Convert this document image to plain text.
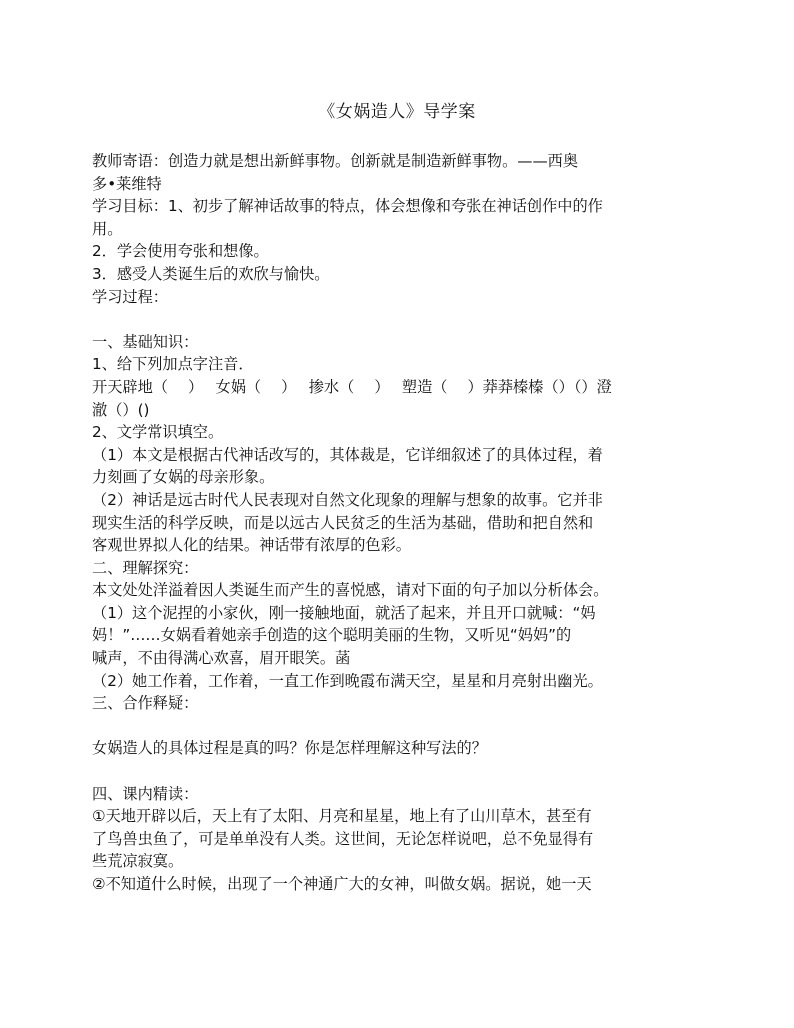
《女娲造人》导学案

教师寄语：创造力就是想出新鲜事物。创新就是制造新鲜事物。——西奥

多•莱维特

学习目标：1、初步了解神话故事的特点，体会想像和夸张在神话创作中的作

用。

2．学会使用夸张和想像。

3．感受人类诞生后的欢欣与愉快。

学习过程：

一、基础知识：

1、给下列加点字注音．

开天辟地（　 ）　 女娲（　 ）　 掺水（　 ）　 塑造（　 ）莽莽榛榛（）（）澄

澈（）()

2、文学常识填空。

（1）本文是根据古代神话改写的，其体裁是，它详细叙述了的具体过程，着

力刻画了女娲的母亲形象。

（2）神话是远古时代人民表现对自然文化现象的理解与想象的故事。它并非

现实生活的科学反映，而是以远古人民贫乏的生活为基础，借助和把自然和

客观世界拟人化的结果。神话带有浓厚的色彩。

二、理解探究：

本文处处洋溢着因人类诞生而产生的喜悦感，请对下面的句子加以分析体会。

（1）这个泥捏的小家伙，刚一接触地面，就活了起来，并且开口就喊：“妈

妈！”……女娲看着她亲手创造的这个聪明美丽的生物，又听见“妈妈”的

喊声，不由得满心欢喜，眉开眼笑。菡

（2）她工作着，工作着，一直工作到晚霞布满天空，星星和月亮射出幽光。

三、合作释疑：

女娲造人的具体过程是真的吗？你是怎样理解这种写法的？

四、课内精读：

①天地开辟以后，天上有了太阳、月亮和星星，地上有了山川草木，甚至有

了鸟兽虫鱼了，可是单单没有人类。这世间，无论怎样说吧，总不免显得有

些荒凉寂寞。

②不知道什么时候，出现了一个神通广大的女神，叫做女娲。据说，她一天
